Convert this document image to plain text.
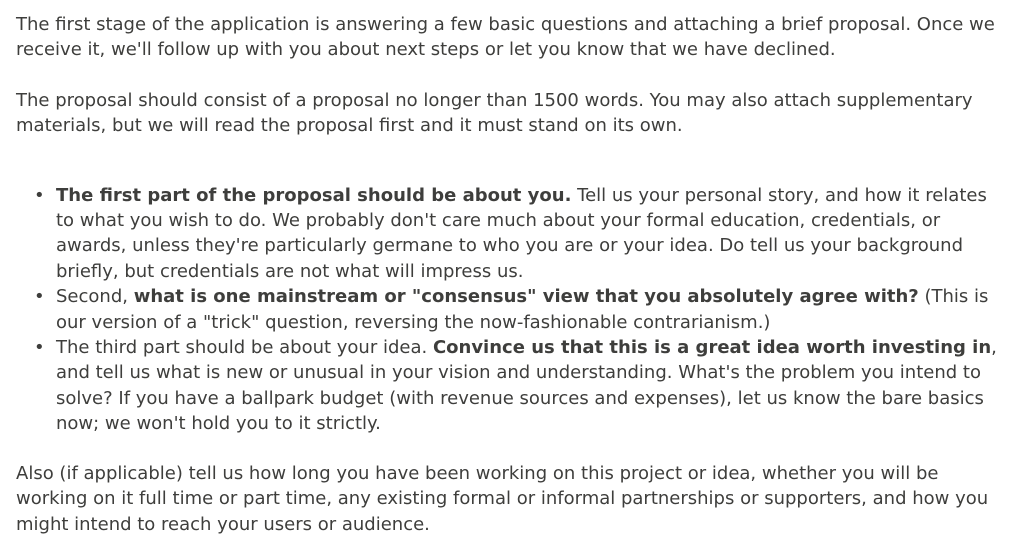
The first stage of the application is answering a few basic questions and attaching a brief proposal. Once we receive it, we'll follow up with you about next steps or let you know that we have declined.

The proposal should consist of a proposal no longer than 1500 words. You may also attach supplementary materials, but we will read the proposal first and it must stand on its own.

• The first part of the proposal should be about you. Tell us your personal story, and how it relates to what you wish to do. We probably don't care much about your formal education, credentials, or awards, unless they're particularly germane to who you are or your idea. Do tell us your background briefly, but credentials are not what will impress us.
• Second, what is one mainstream or "consensus" view that you absolutely agree with? (This is our version of a "trick" question, reversing the now-fashionable contrarianism.)
• The third part should be about your idea. Convince us that this is a great idea worth investing in, and tell us what is new or unusual in your vision and understanding. What's the problem you intend to solve? If you have a ballpark budget (with revenue sources and expenses), let us know the bare basics now; we won't hold you to it strictly.

Also (if applicable) tell us how long you have been working on this project or idea, whether you will be working on it full time or part time, any existing formal or informal partnerships or supporters, and how you might intend to reach your users or audience.
